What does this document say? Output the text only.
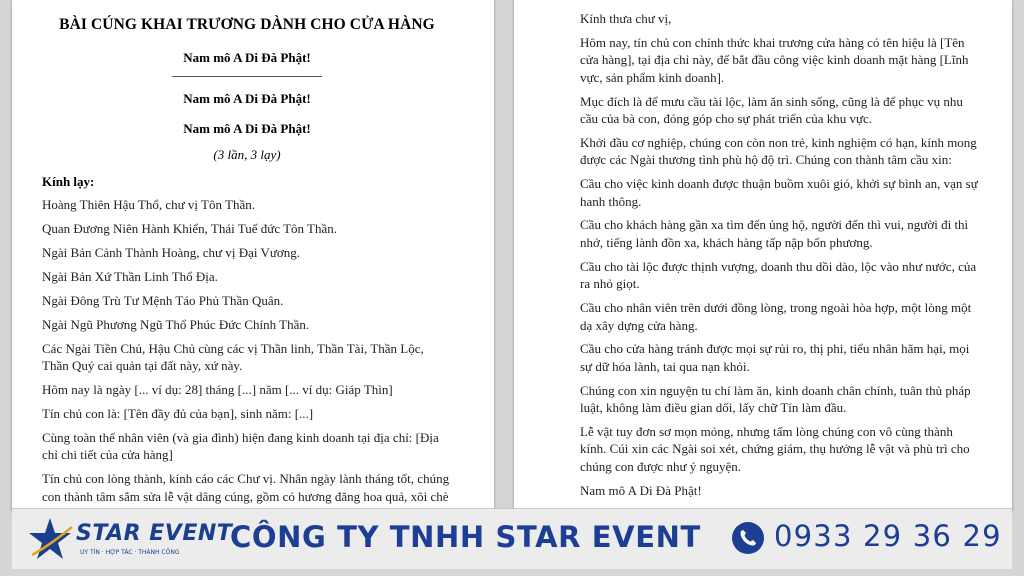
BÀI CÚNG KHAI TRƯƠNG DÀNH CHO CỬA HÀNG

Nam mô A Di Đà Phật!

Nam mô A Di Đà Phật!

Nam mô A Di Đà Phật!

(3 lần, 3 lạy)

Kính lạy:

Hoàng Thiên Hậu Thổ, chư vị Tôn Thần.

Quan Đương Niên Hành Khiển, Thái Tuế đức Tôn Thần.

Ngài Bản Cảnh Thành Hoàng, chư vị Đại Vương.

Ngài Bản Xứ Thần Linh Thổ Địa.

Ngài Đông Trù Tư Mệnh Táo Phủ Thần Quân.

Ngài Ngũ Phương Ngũ Thổ Phúc Đức Chính Thần.

Các Ngài Tiền Chủ, Hậu Chủ cùng các vị Thần linh, Thần Tài, Thần Lộc, Thần Quý cai quản tại đất này, xứ này.

Hôm nay là ngày [... ví dụ: 28] tháng [...] năm [... ví dụ: Giáp Thìn]

Tín chủ con là: [Tên đầy đủ của bạn], sinh năm: [...]

Cùng toàn thể nhân viên (và gia đình) hiện đang kinh doanh tại địa chỉ: [Địa chỉ chi tiết của cửa hàng]

Tín chủ con lòng thành, kính cáo các Chư vị. Nhân ngày lành tháng tốt, chúng con thành tâm sắm sửa lễ vật dâng cúng, gồm có hương đăng hoa quả, xôi chè

Kính thưa chư vị,

Hôm nay, tín chủ con chính thức khai trương cửa hàng có tên hiệu là [Tên cửa hàng], tại địa chỉ này, để bắt đầu công việc kinh doanh mặt hàng [Lĩnh vực, sản phẩm kinh doanh].

Mục đích là để mưu cầu tài lộc, làm ăn sinh sống, cũng là để phục vụ nhu cầu của bà con, đóng góp cho sự phát triển của khu vực.

Khởi đầu cơ nghiệp, chúng con còn non trẻ, kinh nghiệm có hạn, kính mong được các Ngài thương tình phù hộ độ trì. Chúng con thành tâm cầu xin:

Cầu cho việc kinh doanh được thuận buồm xuôi gió, khởi sự bình an, vạn sự hanh thông.

Cầu cho khách hàng gần xa tìm đến ủng hộ, người đến thì vui, người đi thì nhớ, tiếng lành đồn xa, khách hàng tấp nập bốn phương.

Cầu cho tài lộc được thịnh vượng, doanh thu dồi dào, lộc vào như nước, của ra nhỏ giọt.

Cầu cho nhân viên trên dưới đồng lòng, trong ngoài hòa hợp, một lòng một dạ xây dựng cửa hàng.

Cầu cho cửa hàng tránh được mọi sự rủi ro, thị phi, tiểu nhân hãm hại, mọi sự dữ hóa lành, tai qua nạn khỏi.

Chúng con xin nguyện tu chí làm ăn, kinh doanh chân chính, tuân thủ pháp luật, không làm điều gian dối, lấy chữ Tín làm đầu.

Lễ vật tuy đơn sơ mọn mỏng, nhưng tấm lòng chúng con vô cùng thành kính. Cúi xin các Ngài soi xét, chứng giám, thụ hưởng lễ vật và phù trì cho chúng con được như ý nguyện.

Nam mô A Di Đà Phật!

STAR EVENT
UY TÍN · HỢP TÁC · THÀNH CÔNG CÔNG TY TNHH STAR EVENT	0933 29 36 29
